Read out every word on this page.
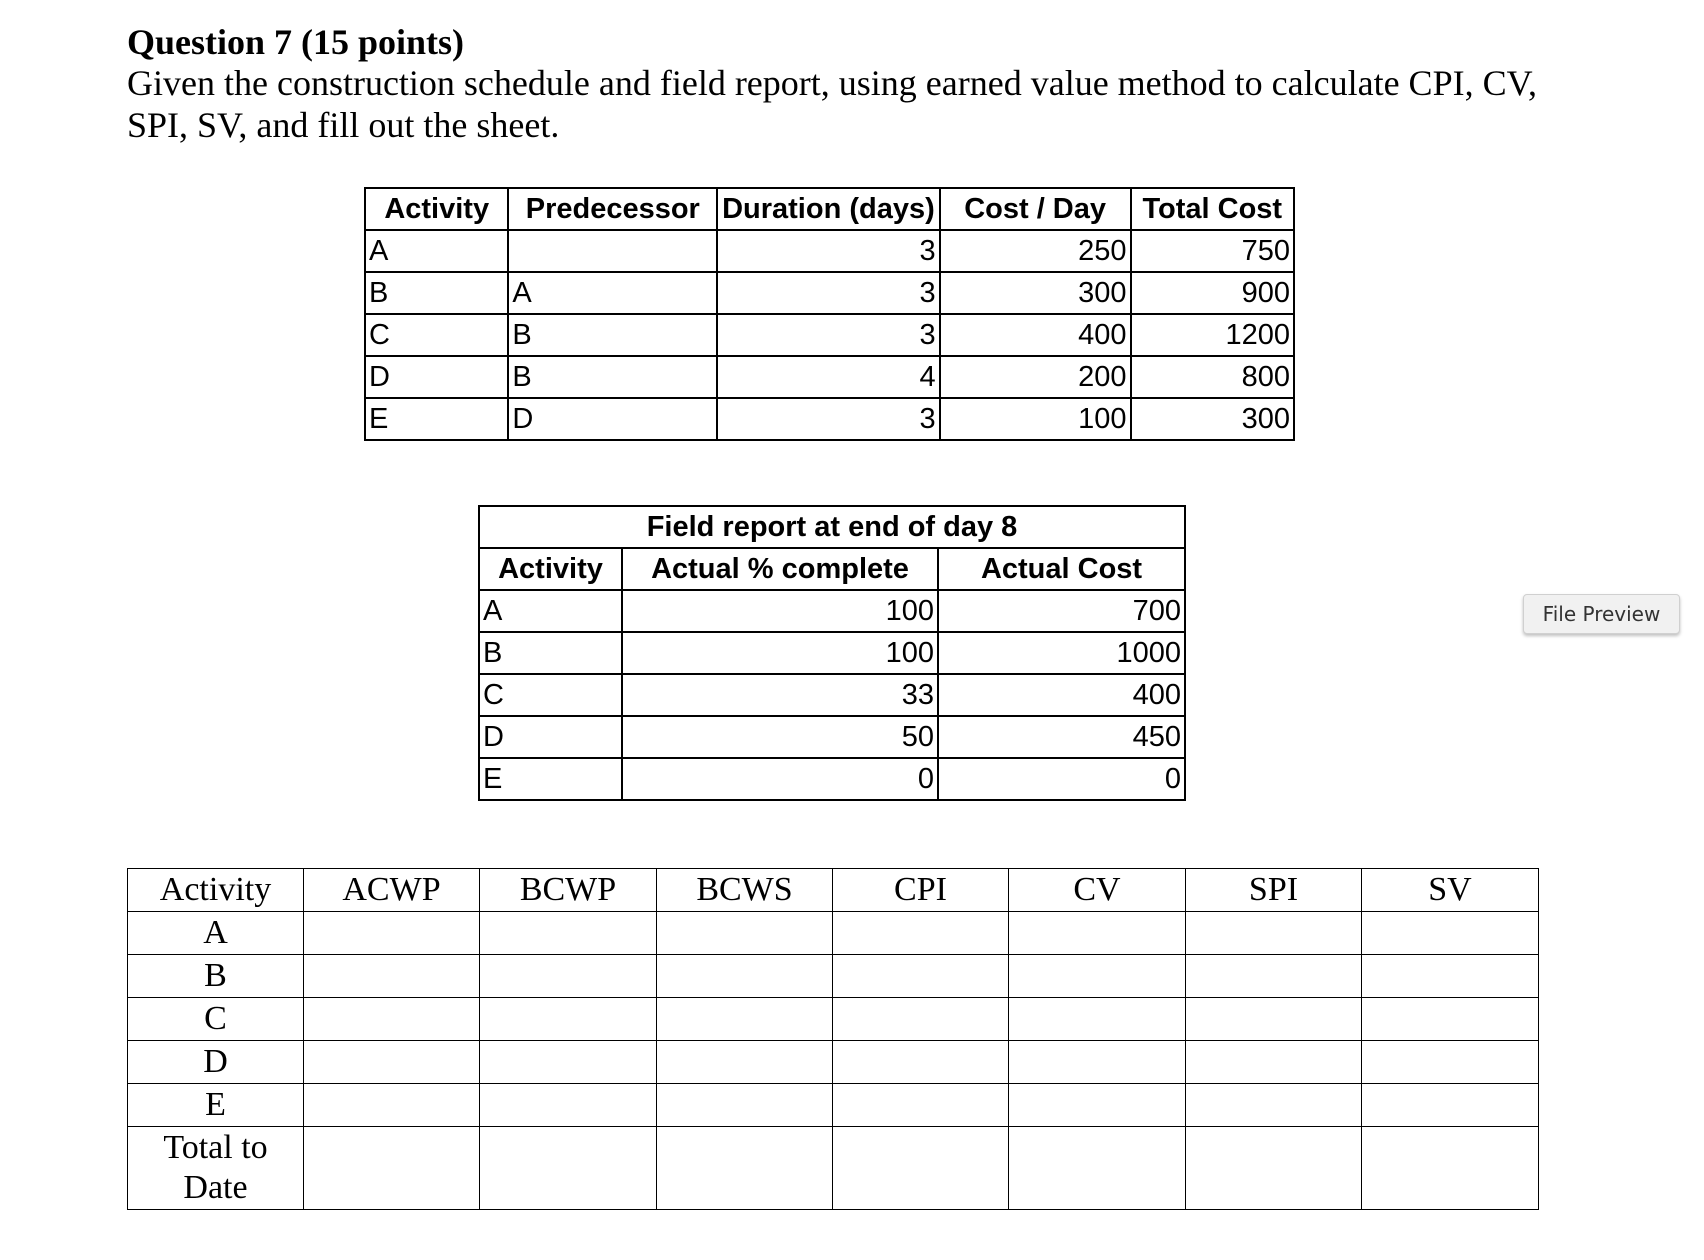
Question 7 (15 points)

Given the construction schedule and field report, using earned value method to calculate CPI, CV, SPI, SV, and fill out the sheet.

Activity	Predecessor	Duration (days)	Cost / Day	Total Cost
A		3	250	750
B	A	3	300	900
C	B	3	400	1200
D	B	4	200	800
E	D	3	100	300
Field report at end of day 8		
Activity	Actual % complete	Actual Cost
A	100	700
B	100	1000
C	33	400
D	50	450
E	0	0
Activity	ACWP	BCWP	BCWS	CPI	CV	SPI	SV
A							
B							
C							
D							
E							
Total to Date							
File Preview
